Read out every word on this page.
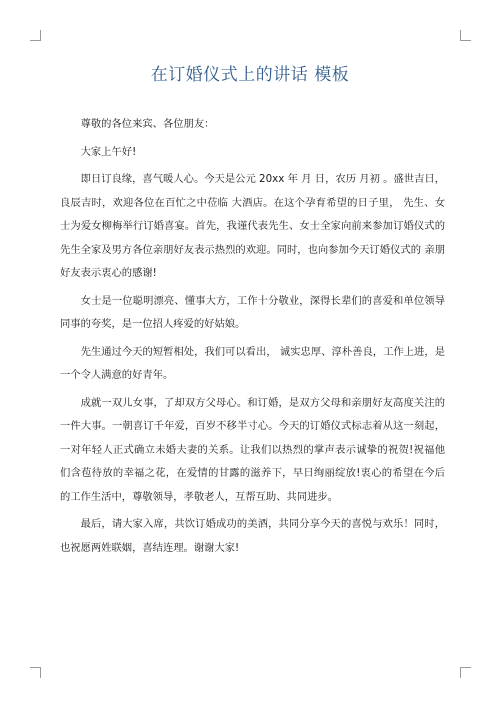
在订婚仪式上的讲话 模板

尊敬的各位来宾、各位朋友：

大家上午好!

即日订良缘，喜气暖人心。今天是公元 20xx 年 月 日，农历 月初 。盛世吉日，良辰吉时，欢迎各位在百忙之中莅临 大酒店。在这个孕育希望的日子里， 先生、女士为爱女柳梅举行订婚喜宴。首先，我谨代表先生、女士全家向前来参加订婚仪式的先生全家及男方各位亲朋好友表示热烈的欢迎。同时，也向参加今天订婚仪式的 亲朋好友表示衷心的感谢!

女士是一位聪明漂亮、懂事大方，工作十分敬业，深得长辈们的喜爱和单位领导同事的夸奖，是一位招人疼爱的好姑娘。

先生通过今天的短暂相处，我们可以看出， 诚实忠厚、淳朴善良，工作上进，是一个令人满意的好青年。

成就一双儿女事，了却双方父母心。和订婚，是双方父母和亲朋好友高度关注的一件大事。一朝喜订千年爱，百岁不移半寸心。今天的订婚仪式标志着从这一刻起，一对年轻人正式确立未婚夫妻的关系。让我们以热烈的掌声表示诚挚的祝贺!祝福他们含苞待放的幸福之花，在爱情的甘露的滋养下，早日绚丽绽放!衷心的希望在今后的工作生活中，尊敬领导，孝敬老人，互帮互助、共同进步。

最后，请大家入席，共饮订婚成功的美酒，共同分享今天的喜悦与欢乐！同时，也祝愿两姓联姻，喜结连理。谢谢大家!
